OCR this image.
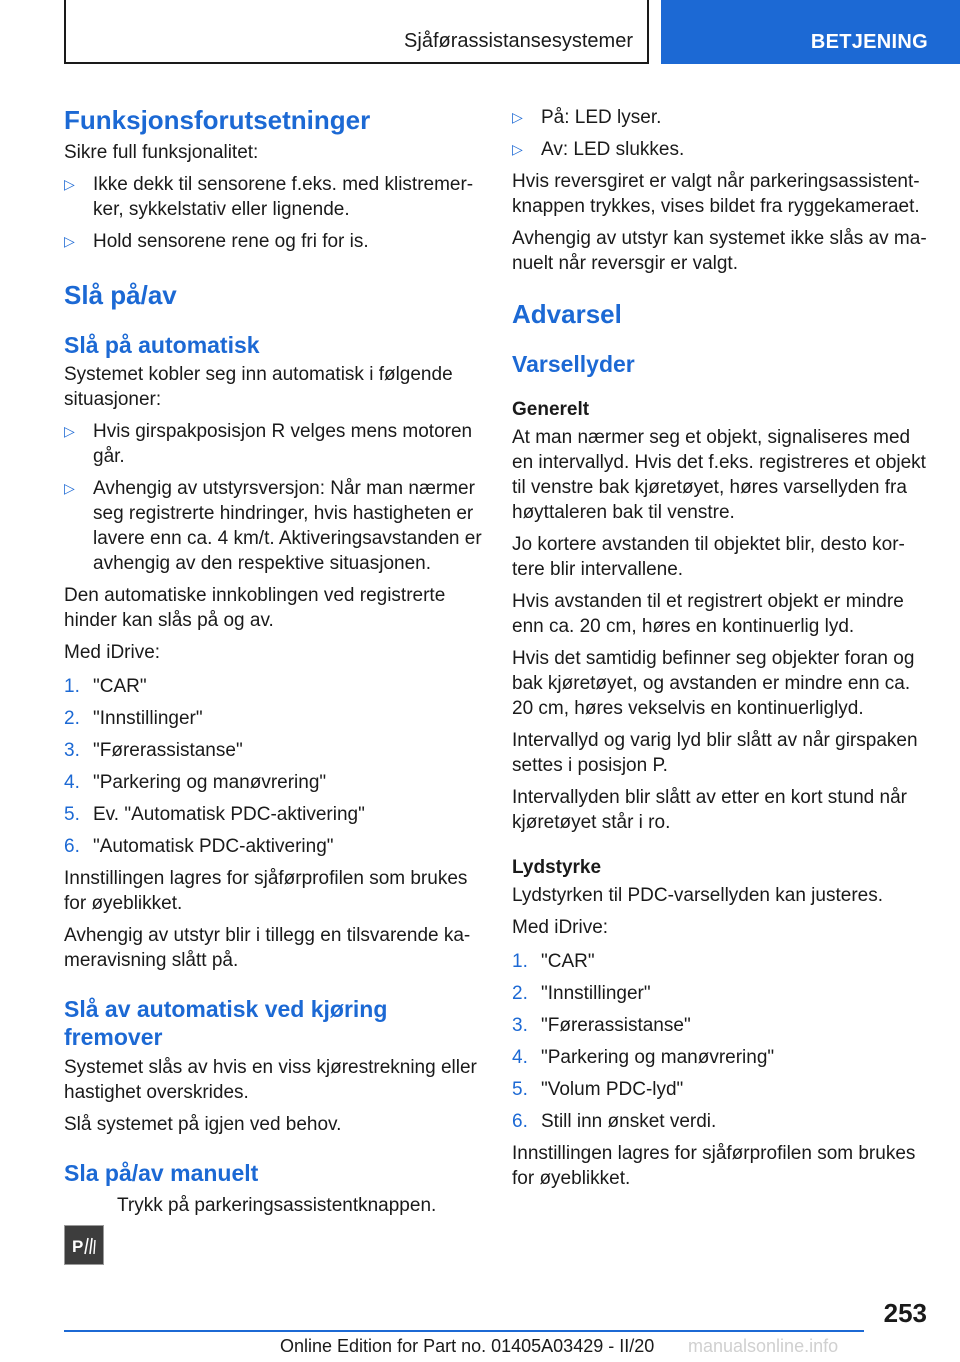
Sjåførassistansesystemer	BETJENING
Funksjonsforutsetninger

Sikre full funksjonalitet:

▷ Ikke dekk til sensorene f.eks. med klistremer-ker, sykkelstativ eller lignende.
▷ Hold sensorene rene og fri for is.
Slå på/av
Slå på automatisk

Systemet kobler seg inn automatisk i følgende situasjoner:

▷ Hvis girspakposisjon R velges mens motoren går.
▷ Avhengig av utstyrsversjon: Når man nærmer seg registrerte hindringer, hvis hastigheten er lavere enn ca. 4 km/t. Aktiveringsavstanden er avhengig av den respektive situasjonen.

Den automatiske innkoblingen ved registrerte hinder kan slås på og av.

Med iDrive:

1. "CAR"
2. "Innstillinger"
3. "Førerassistanse"
4. "Parkering og manøvrering"
5. Ev. "Automatisk PDC-aktivering"
6. "Automatisk PDC-aktivering"

Innstillingen lagres for sjåførprofilen som brukes for øyeblikket.

Avhengig av utstyr blir i tillegg en tilsvarende ka-meravisning slått på.

Slå av automatisk ved kjøring fremover

Systemet slås av hvis en viss kjørestrekning eller hastighet overskrides.

Slå systemet på igjen ved behov.

Sla på/av manuelt

Trykk på parkeringsassistentknappen.

P
▷ På: LED lyser.
▷ Av: LED slukkes.

Hvis reversgiret er valgt når parkeringsassistent-knappen trykkes, vises bildet fra ryggekameraet.

Avhengig av utstyr kan systemet ikke slås av ma-nuelt når reversgir er valgt.

Advarsel
Varsellyder
Generelt

At man nærmer seg et objekt, signaliseres med en intervallyd. Hvis det f.eks. registreres et objekt til venstre bak kjøretøyet, høres varsellyden fra høyttaleren bak til venstre.

Jo kortere avstanden til objektet blir, desto kor-tere blir intervallene.

Hvis avstanden til et registrert objekt er mindre enn ca. 20 cm, høres en kontinuerlig lyd.

Hvis det samtidig befinner seg objekter foran og bak kjøretøyet, og avstanden er mindre enn ca. 20 cm, høres vekselvis en kontinuerliglyd.

Intervallyd og varig lyd blir slått av når girspaken settes i posisjon P.

Intervallyden blir slått av etter en kort stund når kjøretøyet står i ro.

Lydstyrke

Lydstyrken til PDC-varsellyden kan justeres.

Med iDrive:

1. "CAR"
2. "Innstillinger"
3. "Førerassistanse"
4. "Parkering og manøvrering"
5. "Volum PDC-lyd"
6. Still inn ønsket verdi.

Innstillingen lagres for sjåførprofilen som brukes for øyeblikket.

253
Online Edition for Part no. 01405A03429 - II/20 manualsonline.info
